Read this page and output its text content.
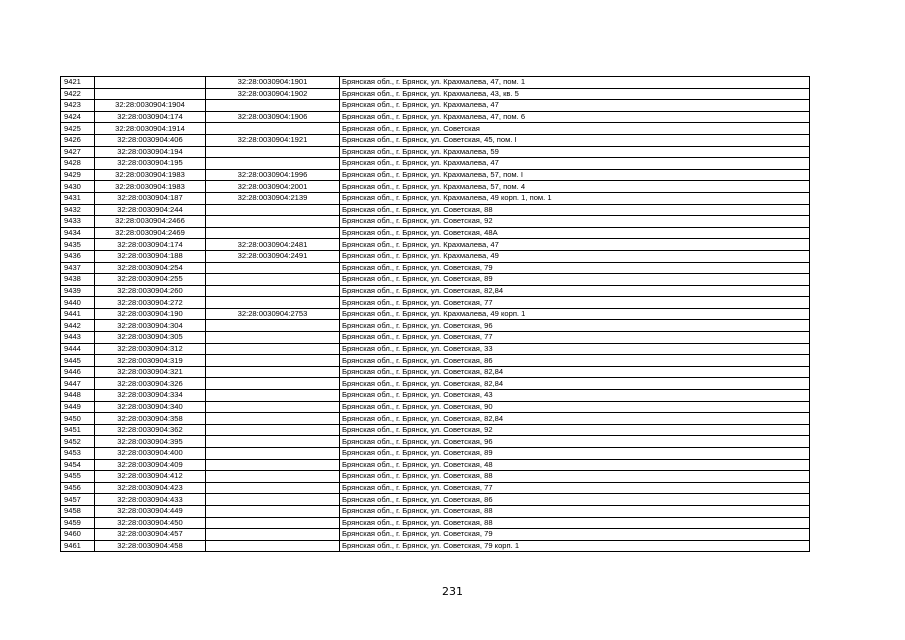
9421		32:28:0030904:1901	Брянская обл., г. Брянск, ул. Крахмалева, 47, пом. 1
9422		32:28:0030904:1902	Брянская обл., г. Брянск, ул. Крахмалева, 43, кв. 5
9423	32:28:0030904:1904		Брянская обл., г. Брянск, ул. Крахмалева, 47
9424	32:28:0030904:174	32:28:0030904:1906	Брянская обл., г. Брянск, ул. Крахмалева, 47, пом. 6
9425	32:28:0030904:1914		Брянская обл., г. Брянск, ул. Советская
9426	32:28:0030904:406	32:28:0030904:1921	Брянская обл., г. Брянск, ул. Советская, 45, пом. I
9427	32:28:0030904:194		Брянская обл., г. Брянск, ул. Крахмалева, 59
9428	32:28:0030904:195		Брянская обл., г. Брянск, ул. Крахмалева, 47
9429	32:28:0030904:1983	32:28:0030904:1996	Брянская обл., г. Брянск, ул. Крахмалева, 57, пом. I
9430	32:28:0030904:1983	32:28:0030904:2001	Брянская обл., г. Брянск, ул. Крахмалева, 57, пом. 4
9431	32:28:0030904:187	32:28:0030904:2139	Брянская обл., г. Брянск, ул. Крахмалева, 49 корп. 1, пом. 1
9432	32:28:0030904:244		Брянская обл., г. Брянск, ул. Советская, 88
9433	32:28:0030904:2466		Брянская обл., г. Брянск, ул. Советская, 92
9434	32:28:0030904:2469		Брянская обл., г. Брянск, ул. Советская, 48А
9435	32:28:0030904:174	32:28:0030904:2481	Брянская обл., г. Брянск, ул. Крахмалева, 47
9436	32:28:0030904:188	32:28:0030904:2491	Брянская обл., г. Брянск, ул. Крахмалева, 49
9437	32:28:0030904:254		Брянская обл., г. Брянск, ул. Советская, 79
9438	32:28:0030904:255		Брянская обл., г. Брянск, ул. Советская, 89
9439	32:28:0030904:260		Брянская обл., г. Брянск, ул. Советская, 82,84
9440	32:28:0030904:272		Брянская обл., г. Брянск, ул. Советская, 77
9441	32:28:0030904:190	32:28:0030904:2753	Брянская обл., г. Брянск, ул. Крахмалева, 49 корп. 1
9442	32:28:0030904:304		Брянская обл., г. Брянск, ул. Советская, 96
9443	32:28:0030904:305		Брянская обл., г. Брянск, ул. Советская, 77
9444	32:28:0030904:312		Брянская обл., г. Брянск, ул. Советская, 33
9445	32:28:0030904:319		Брянская обл., г. Брянск, ул. Советская, 86
9446	32:28:0030904:321		Брянская обл., г. Брянск, ул. Советская, 82,84
9447	32:28:0030904:326		Брянская обл., г. Брянск, ул. Советская, 82,84
9448	32:28:0030904:334		Брянская обл., г. Брянск, ул. Советская, 43
9449	32:28:0030904:340		Брянская обл., г. Брянск, ул. Советская, 90
9450	32:28:0030904:358		Брянская обл., г. Брянск, ул. Советская, 82,84
9451	32:28:0030904:362		Брянская обл., г. Брянск, ул. Советская, 92
9452	32:28:0030904:395		Брянская обл., г. Брянск, ул. Советская, 96
9453	32:28:0030904:400		Брянская обл., г. Брянск, ул. Советская, 89
9454	32:28:0030904:409		Брянская обл., г. Брянск, ул. Советская, 48
9455	32:28:0030904:412		Брянская обл., г. Брянск, ул. Советская, 88
9456	32:28:0030904:423		Брянская обл., г. Брянск, ул. Советская, 77
9457	32:28:0030904:433		Брянская обл., г. Брянск, ул. Советская, 86
9458	32:28:0030904:449		Брянская обл., г. Брянск, ул. Советская, 88
9459	32:28:0030904:450		Брянская обл., г. Брянск, ул. Советская, 88
9460	32:28:0030904:457		Брянская обл., г. Брянск, ул. Советская, 79
9461	32:28:0030904:458		Брянская обл., г. Брянск, ул. Советская, 79 корп. 1
231
